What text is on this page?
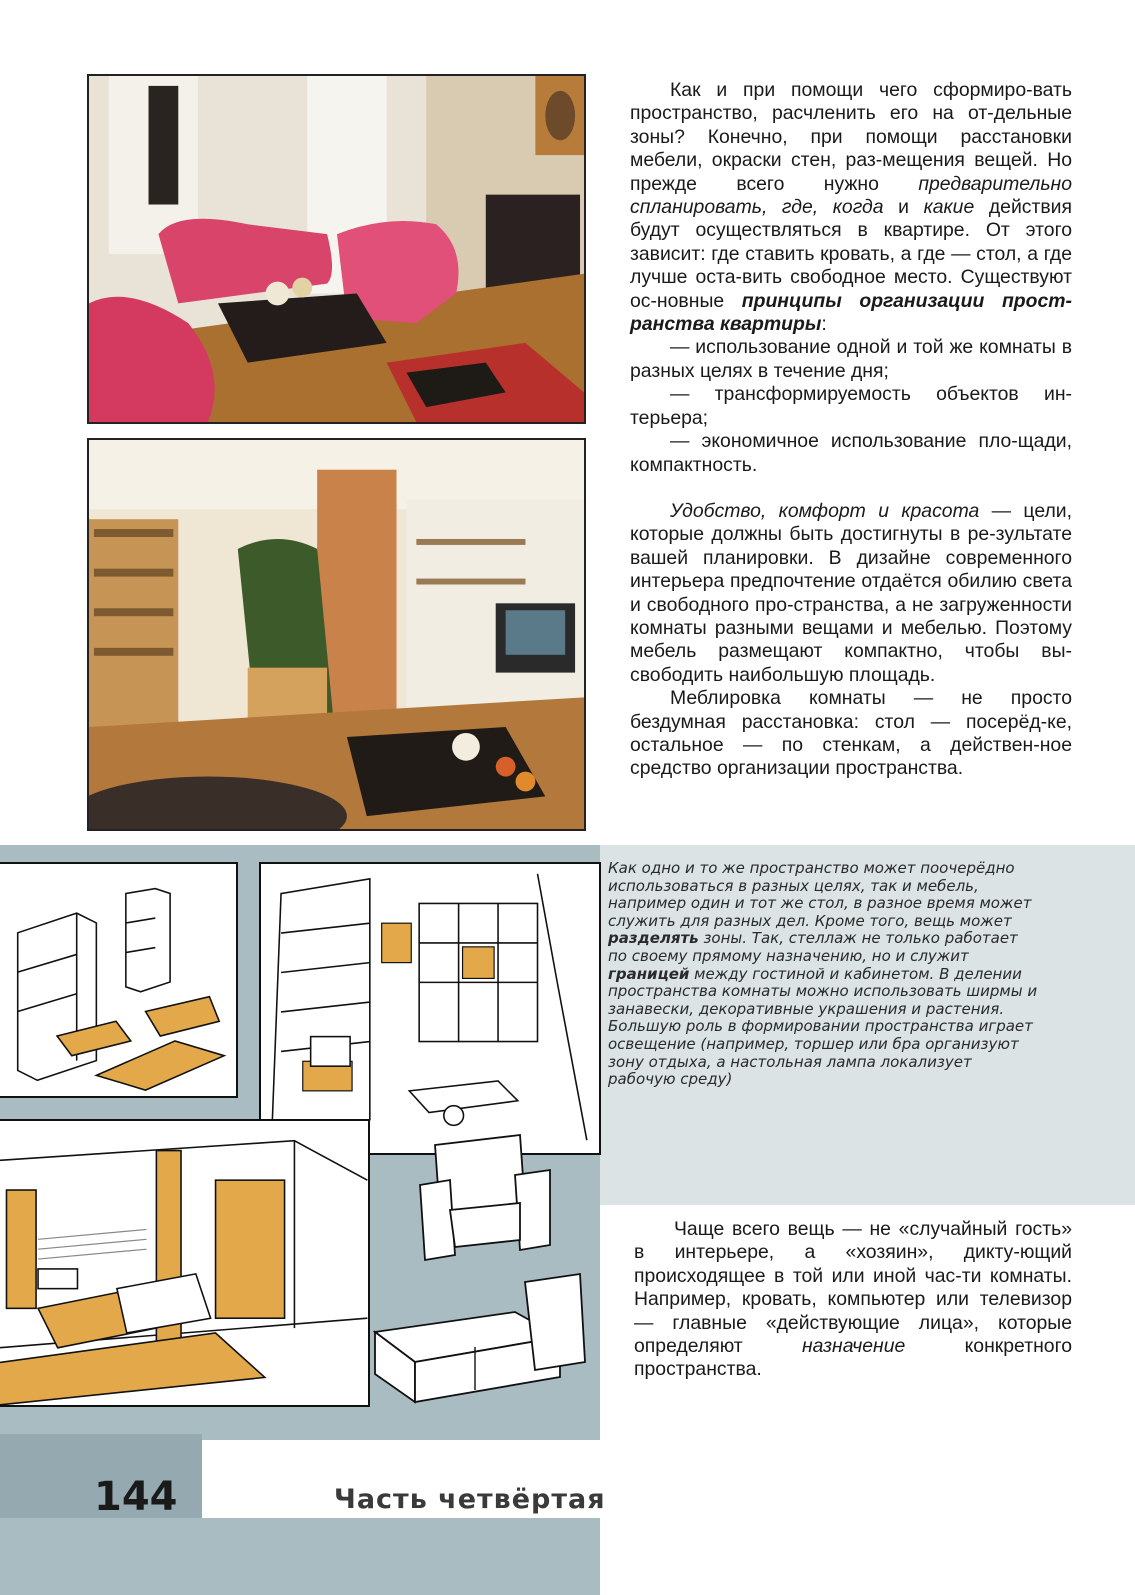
Как и при помощи чего сформиро-вать пространство, расчленить его на от-дельные зоны? Конечно, при помощи расстановки мебели, окраски стен, раз-мещения вещей. Но прежде всего нужно предварительно спланировать, где, когда и какие действия будут осуществляться в квартире. От этого зависит: где ставить кровать, а где — стол, а где лучше оста-вить свободное место. Существуют ос-новные принципы организации прост-ранства квартиры:

— использование одной и той же комнаты в разных целях в течение дня;

— трансформируемость объектов ин-терьера;

— экономичное использование пло-щади, компактность.

Удобство, комфорт и красота — цели, которые должны быть достигнуты в ре-зультате вашей планировки. В дизайне современного интерьера предпочтение отдаётся обилию света и свободного про-странства, а не загруженности комнаты разными вещами и мебелью. Поэтому мебель размещают компактно, чтобы вы-свободить наибольшую площадь.

Меблировка комнаты — не просто бездумная расстановка: стол — посерёд-ке, остальное — по стенкам, а действен-ное средство организации пространства.

Как одно и то же пространство может поочерёдно использоваться в разных целях, так и мебель, например один и тот же стол, в разное время может служить для разных дел. Кроме того, вещь может разделять зоны. Так, стеллаж не только работает по своему прямому назначению, но и служит границей между гостиной и кабинетом. В делении пространства комнаты можно использовать ширмы и занавески, декоративные украшения и растения. Большую роль в формировании пространства играет освещение (например, торшер или бра организуют зону отдыха, а настольная лампа локализует рабочую среду)

Чаще всего вещь — не «случайный гость» в интерьере, а «хозяин», дикту-ющий происходящее в той или иной час-ти комнаты. Например, кровать, компьютер или телевизор — главные «действующие лица», которые определяют назначение конкретного пространства.

144	Часть четвёртая
